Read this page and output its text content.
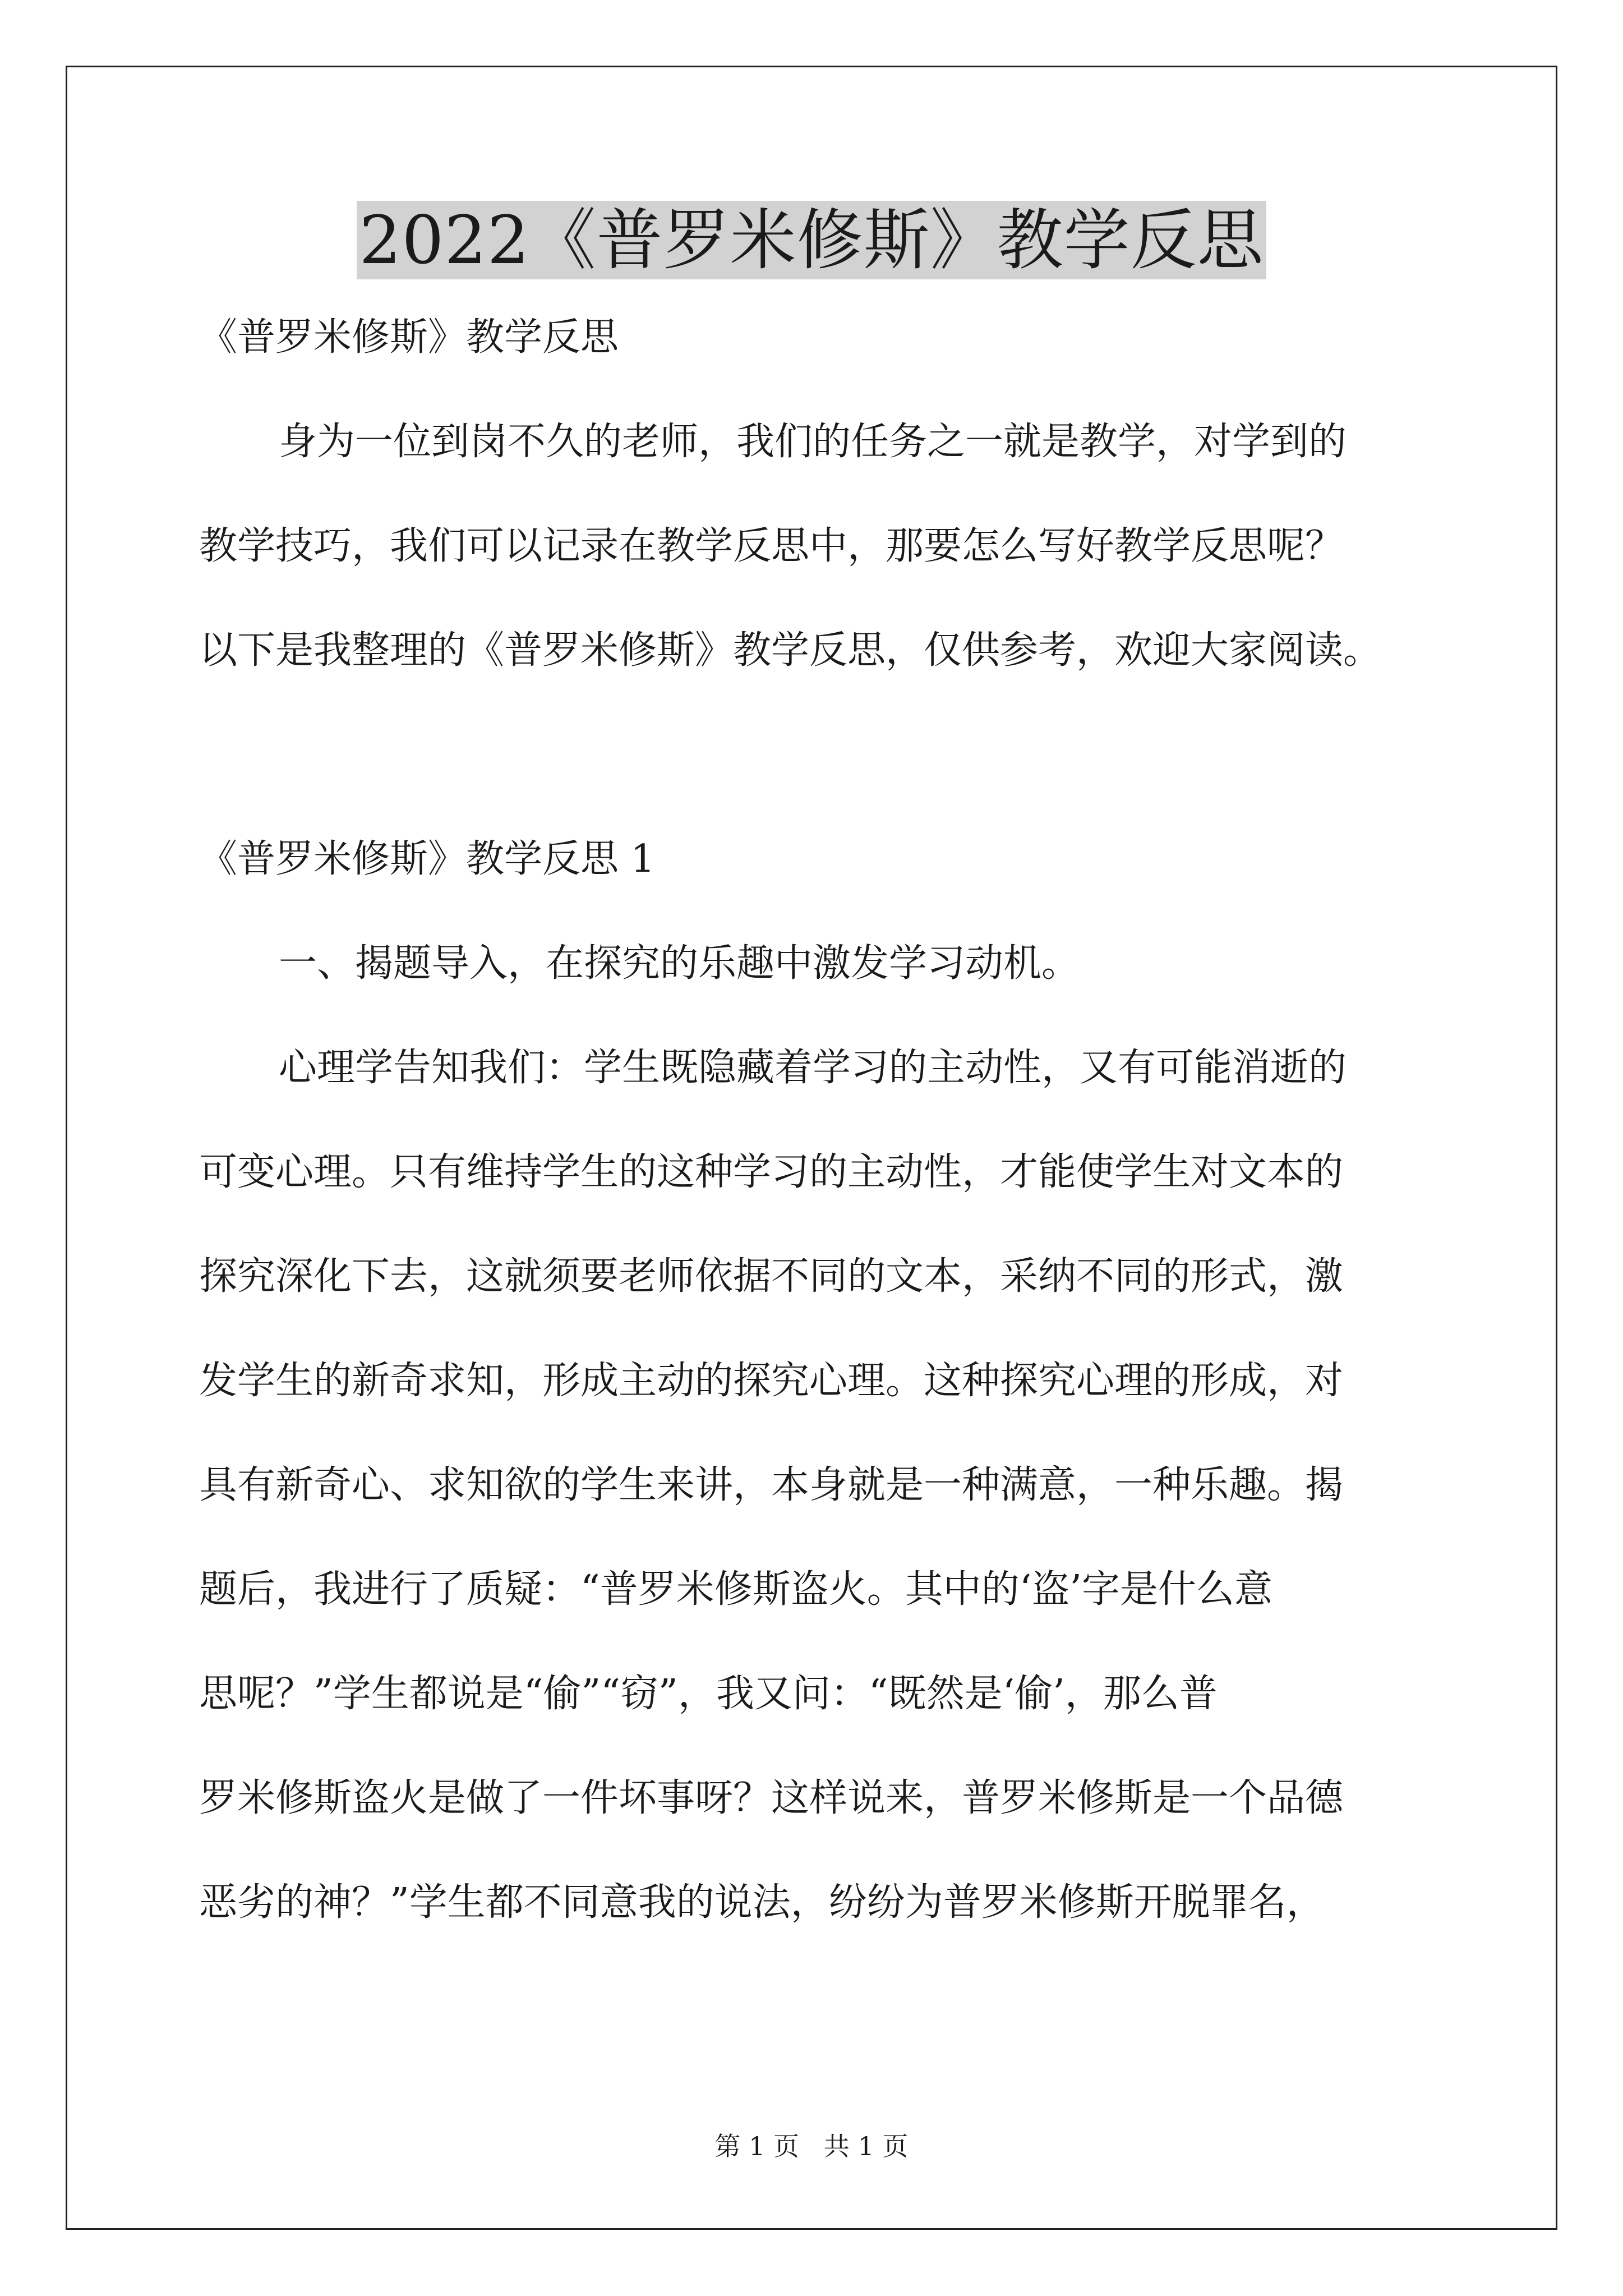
2022《普罗米修斯》教学反思
《普罗米修斯》教学反思
身为一位到岗不久的老师，我们的任务之一就是教学，对学到的
教学技巧，我们可以记录在教学反思中，那要怎么写好教学反思呢？
以下是我整理的《普罗米修斯》教学反思，仅供参考，欢迎大家阅读。
《普罗米修斯》教学反思 1
一、揭题导入，在探究的乐趣中激发学习动机。
心理学告知我们：学生既隐藏着学习的主动性，又有可能消逝的
可变心理。只有维持学生的这种学习的主动性，才能使学生对文本的
探究深化下去，这就须要老师依据不同的文本，采纳不同的形式，激
发学生的新奇求知，形成主动的探究心理。这种探究心理的形成，对
具有新奇心、求知欲的学生来讲，本身就是一种满意，一种乐趣。揭
题后，我进行了质疑：“普罗米修斯盗火。其中的‘盗’字是什么意
思呢？”学生都说是“偷”“窃”，我又问：“既然是‘偷’，那么普
罗米修斯盗火是做了一件坏事呀？这样说来，普罗米修斯是一个品德
恶劣的神？”学生都不同意我的说法，纷纷为普罗米修斯开脱罪名，
第 1 页   共 1 页
